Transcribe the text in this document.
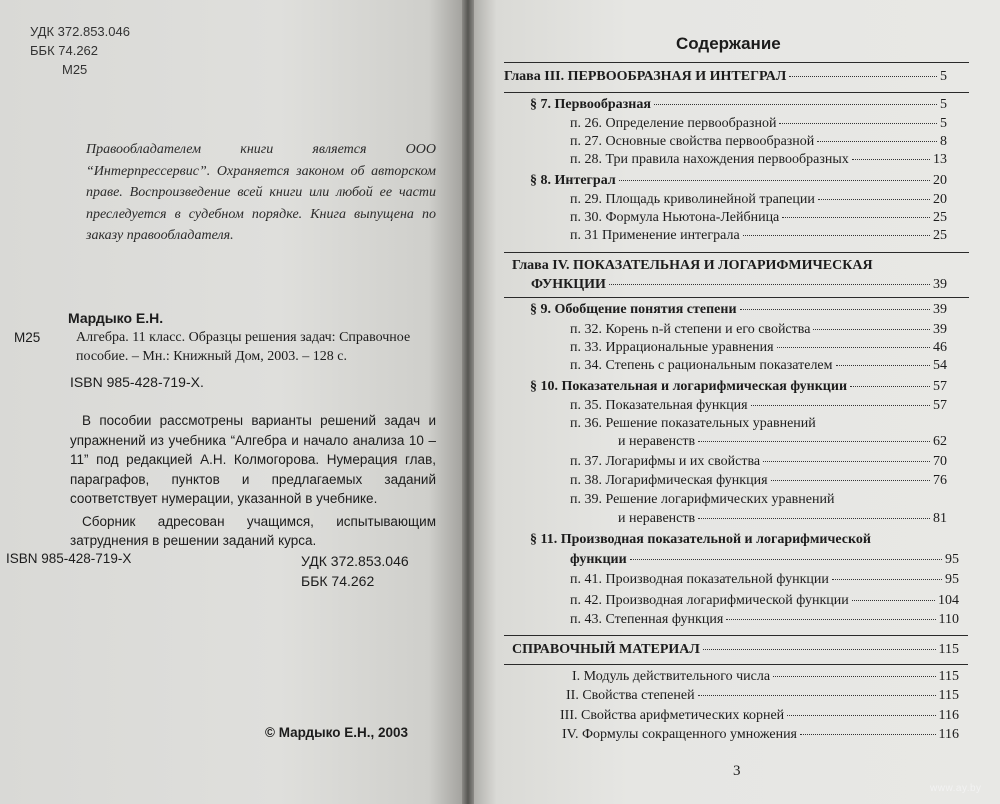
УДК 372.853.046
ББК 74.262
М25
Правообладателем книги является ООО “Интерпрессервис”. Охраняется законом об авторском праве. Воспроизведение всей книги или любой ее части преследуется в судебном порядке. Книга выпущена по заказу правообладателя.
Мардыко Е.Н.
М25	Алгебра. 11 класс. Образцы решения задач: Справочное пособие. – Мн.: Книжный Дом, 2003. – 128 с.
ISBN 985-428-719-X.

В пособии рассмотрены варианты решений задач и упражнений из учебника “Алгебра и начало анализа 10 – 11” под редакцией А.Н. Колмогорова. Нумерация глав, параграфов, пунктов и предлагаемых заданий соответствует нумерации, указанной в учебнике.

Сборник адресован учащимся, испытывающим затруднения в решении заданий курса.

ISBN 985-428-719-X	УДК 372.853.046
ББК 74.262
© Мардыко Е.Н., 2003
Содержание
Глава III. ПЕРВООБРАЗНАЯ И ИНТЕГРАЛ	5
§ 7. Первообразная	5
п. 26. Определение первообразной	5
п. 27. Основные свойства первообразной	8
п. 28. Три правила нахождения первообразных	13
§ 8. Интеграл	20
п. 29. Площадь криволинейной трапеции	20
п. 30. Формула Ньютона-Лейбница	25
п. 31 Применение интеграла	25
Глава IV. ПОКАЗАТЕЛЬНАЯ И ЛОГАРИФМИЧЕСКАЯ
ФУНКЦИИ	39
§ 9. Обобщение понятия степени	39
п. 32. Корень n-й степени и его свойства	39
п. 33. Иррациональные уравнения	46
п. 34. Степень с рациональным показателем	54
§ 10. Показательная и логарифмическая функции	57
п. 35. Показательная функция	57
п. 36. Решение показательных уравнений
и неравенств	62
п. 37. Логарифмы и их свойства	70
п. 38. Логарифмическая функция	76
п. 39. Решение логарифмических уравнений
и неравенств	81
§ 11. Производная показательной и логарифмической
функции	95
п. 41. Производная показательной функции	95
п. 42. Производная логарифмической функции	104
п. 43. Степенная функция	110
СПРАВОЧНЫЙ МАТЕРИАЛ	115
I. Модуль действительного числа	115
II. Свойства степеней	115
III. Свойства арифметических корней	116
IV. Формулы сокращенного умножения	116
3
www.ay.by
